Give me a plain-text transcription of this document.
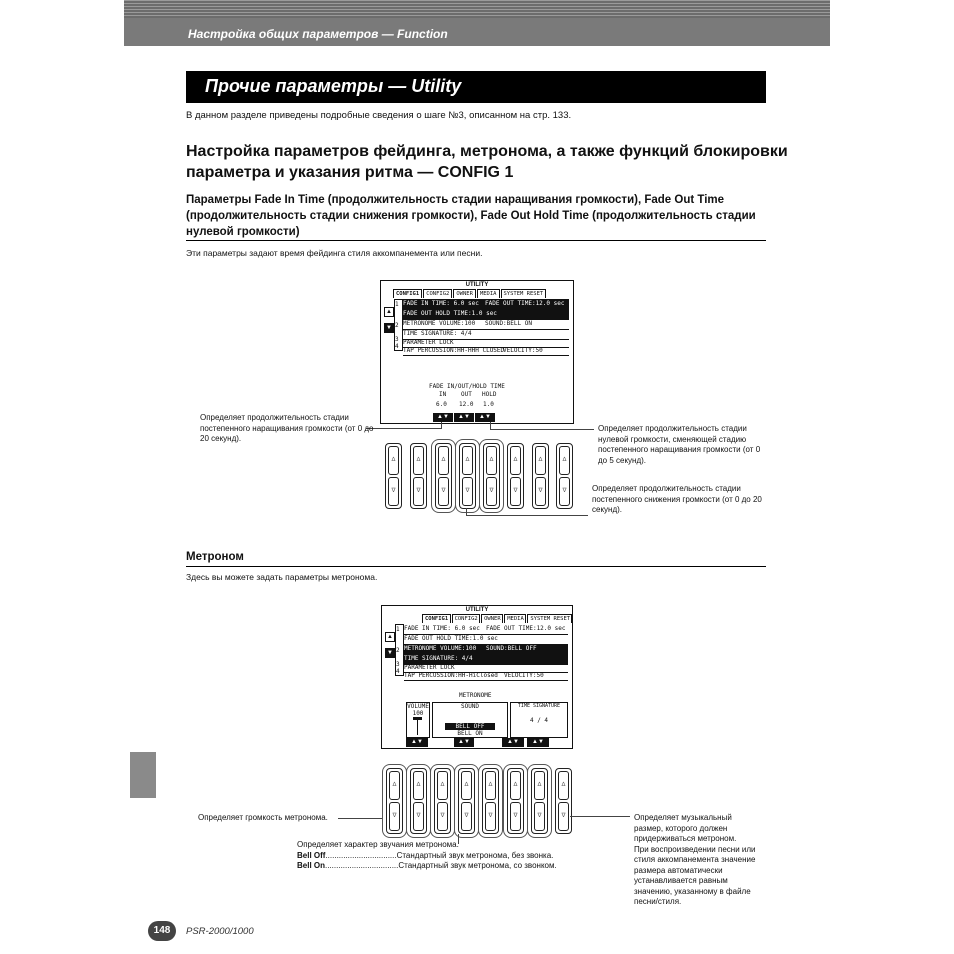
Настройка общих параметров — Function
Прочие параметры — Utility
В данном разделе приведены подробные сведения о шаге №3, описанном на стр. 133.
Настройка параметров фейдинга, метронома, а также функций блокировки
параметра и указания ритма — CONFIG 1
Параметры Fade In Time (продолжительность стадии наращивания громкости), Fade Out Time
(продолжительность стадии снижения громкости), Fade Out Hold Time (продолжительность стадии
нулевой громкости)
Эти параметры задают время фейдинга стиля аккомпанемента или песни.
UTILITY
CONFIG1	CONFIG2	OWNER	MEDIA	SYSTEM RESET
▲
▼
1
2
3
4
FADE IN TIME: 6.0 sec FADE OUT TIME:12.0 sec
FADE OUT HOLD TIME:1.0 sec
METRONOME VOLUME:100 SOUND:BELL ON
TIME SIGNATURE: 4/4
PARAMETER LOCK
TAP PERCUSSION:HH-HHH CLOSED
VELOCITY:50
FADE IN/OUT/HOLD TIME
IN OUT HOLD
6.0 12.0 1.0
▲▼	▲▼	▲▼
∆
∇
∆
∇
∆
∇
∆
∇
∆
∇
∆
∇
∆
∇
∆
∇
Определяет продолжительность стадии
постепенного наращивания громкости (от 0 до
20 секунд).
Определяет продолжительность стадии
нулевой громкости, сменяющей стадию
постепенного наращивания громкости (от 0
до 5 секунд).
Определяет продолжительность стадии
постепенного снижения громкости (от 0 до 20
секунд).
Метроном
Здесь вы можете задать параметры метронома.
UTILITY
CONFIG1	CONFIG2	OWNER	MEDIA	SYSTEM RESET
▲
▼
1
2
3
4
FADE IN TIME: 6.0 sec FADE OUT TIME:12.0 sec
FADE OUT HOLD TIME:1.0 sec
METRONOME VOLUME:100 SOUND:BELL OFF
TIME SIGNATURE: 4/4
PARAMETER LOCK
TAP PERCUSSION:HH-HiClosed VELOCITY:50
METRONOME
VOLUME
100
SOUND
BELL OFF
BELL ON
TIME SIGNATURE
4 / 4
▲▼	▲▼	▲▼	▲▼
∆
∇
∆
∇
∆
∇
∆
∇
∆
∇
∆
∇
∆
∇
∆
∇
Определяет громкость метронома.
Определяет характер звучания метронома.
Bell Off................................Стандартный звук метронома, без звонка.
Bell On.................................Стандартный звук метронома, со звонком.
Определяет музыкальный
размер, которого должен
придерживаться метроном.
При воспроизведении песни или
стиля аккомпанемента значение
размера автоматически
устанавливается равным
значению, указанному в файле
песни/стиля.
148	PSR-2000/1000
